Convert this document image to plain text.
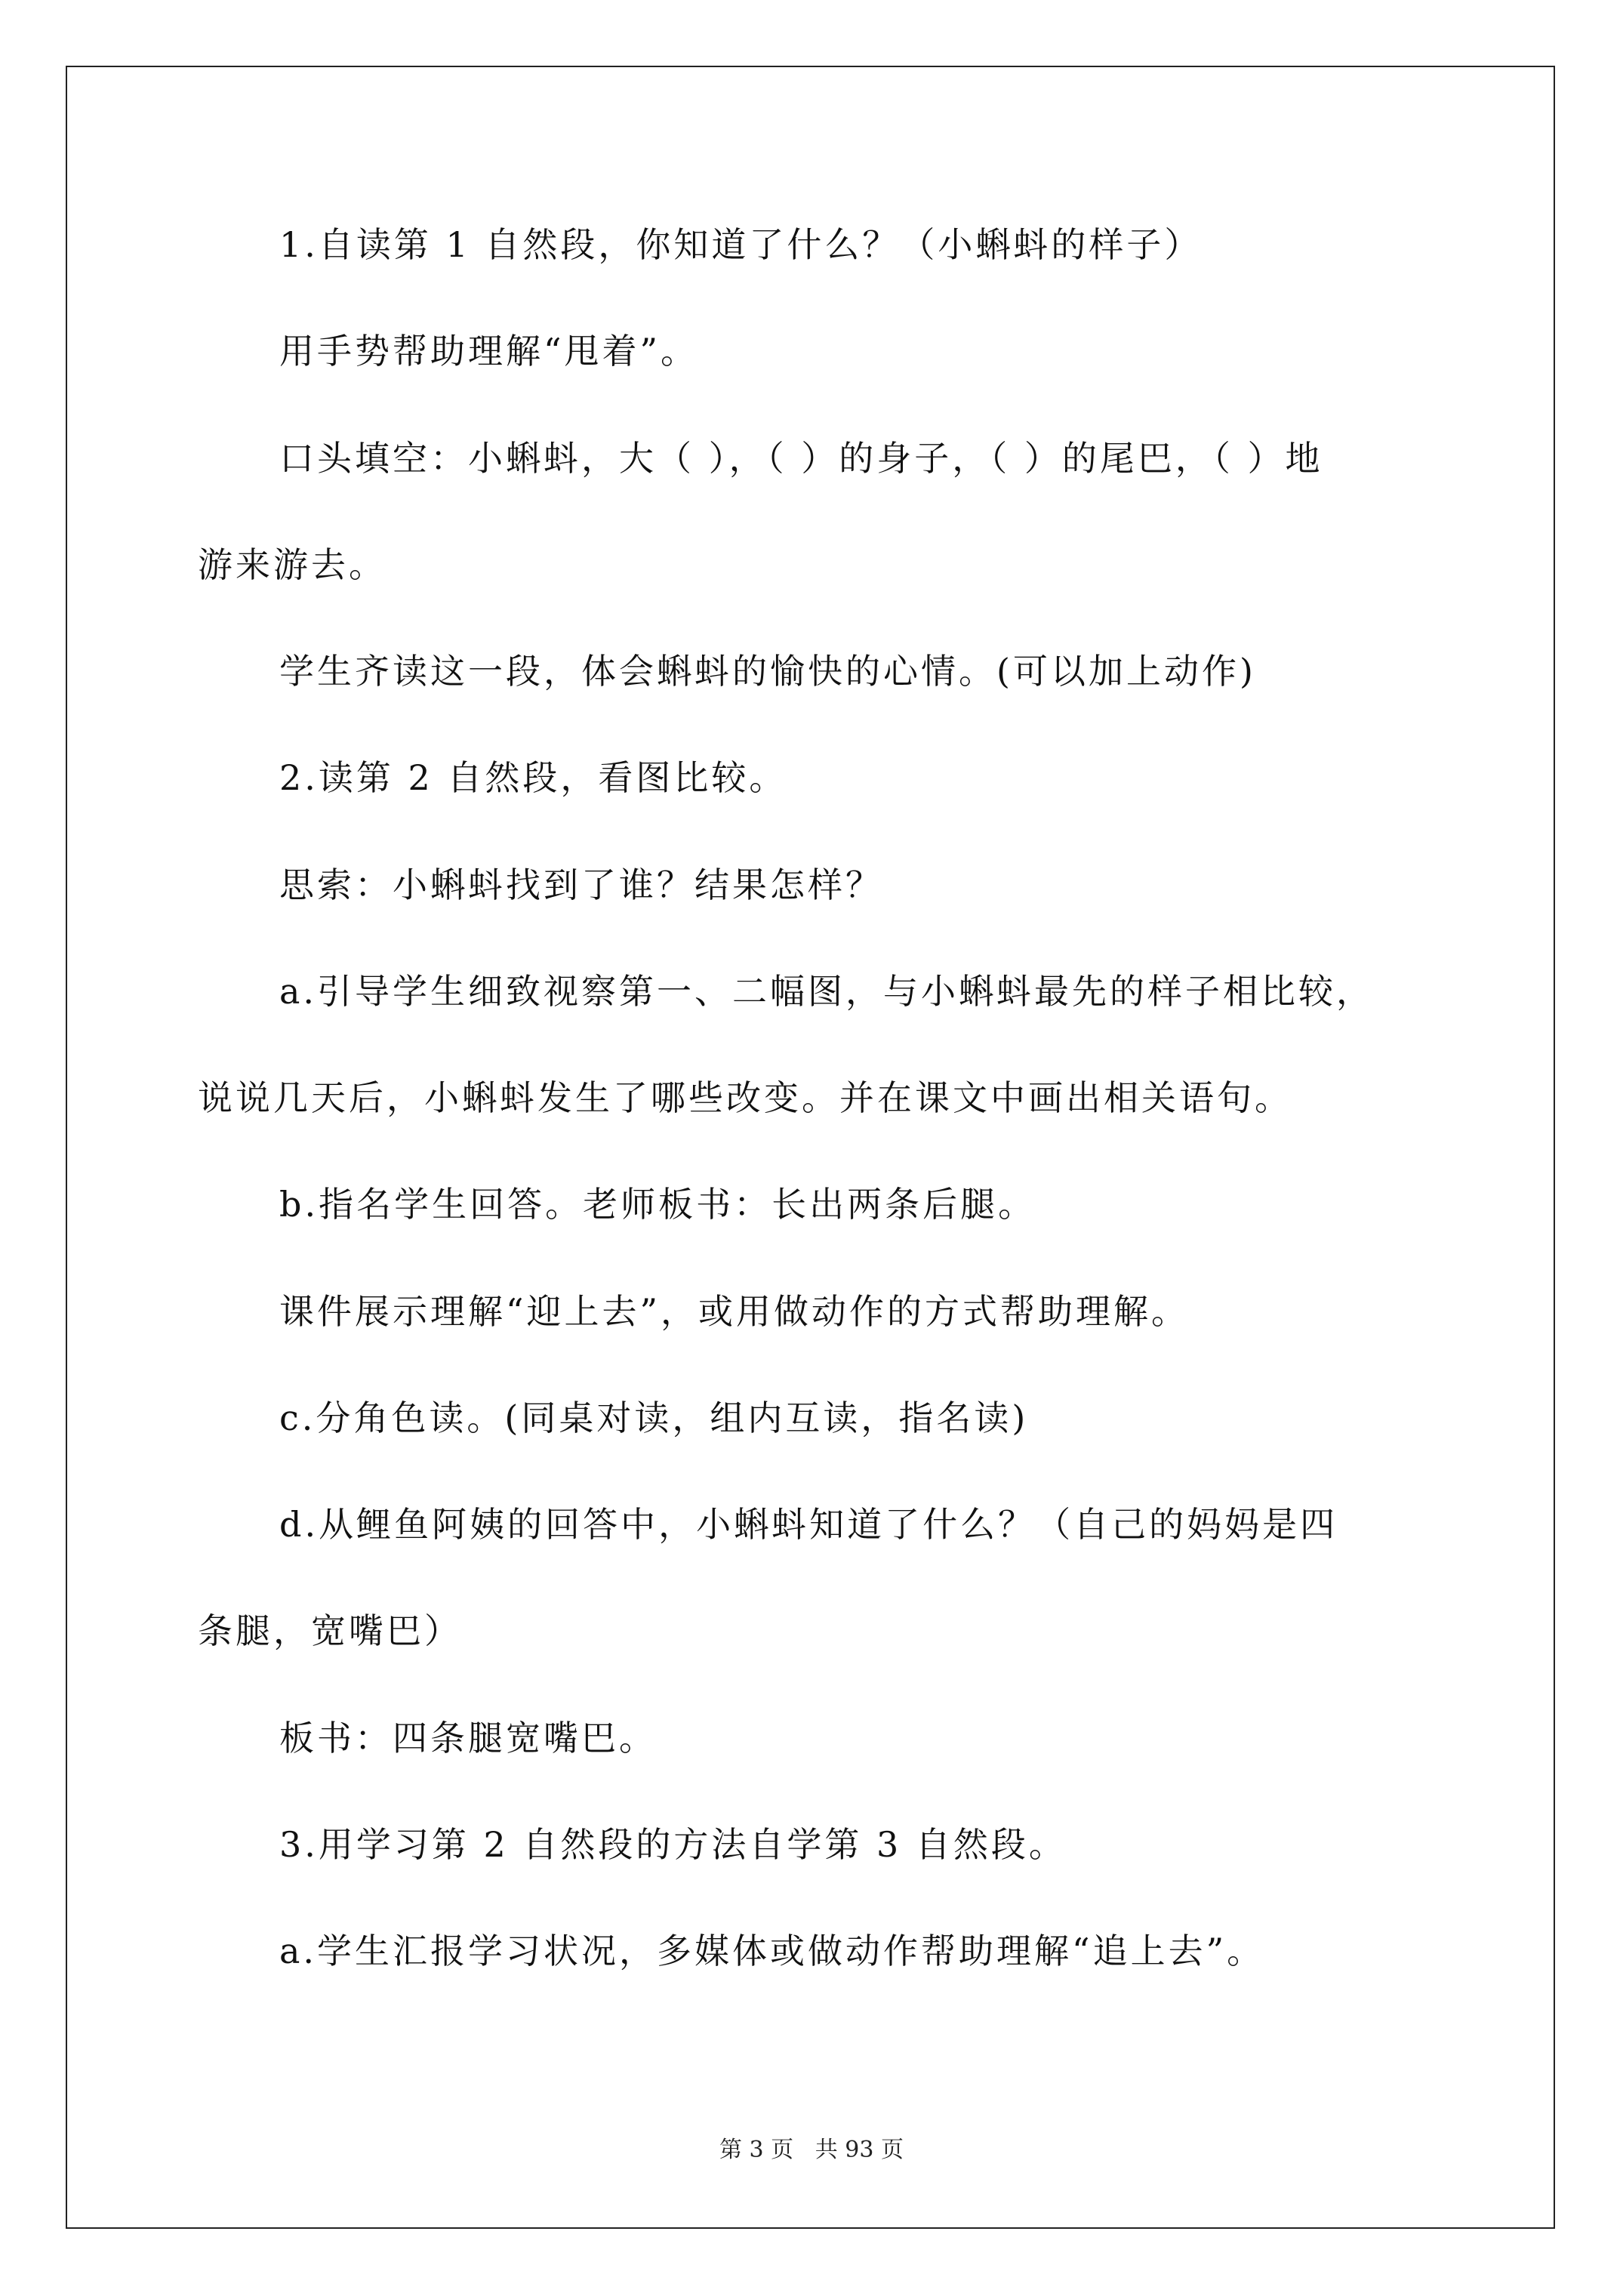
1.自读第 1 自然段，你知道了什么？（小蝌蚪的样子）
用手势帮助理解“甩着”。
口头填空：小蝌蚪，大（ ），（ ）的身子，（ ）的尾巴，（ ）地
游来游去。
学生齐读这一段，体会蝌蚪的愉快的心情。(可以加上动作)
2.读第 2 自然段，看图比较。
思索：小蝌蚪找到了谁？结果怎样？
a.引导学生细致视察第一、二幅图，与小蝌蚪最先的样子相比较，
说说几天后，小蝌蚪发生了哪些改变。并在课文中画出相关语句。
b.指名学生回答。老师板书：长出两条后腿。
课件展示理解“迎上去”，或用做动作的方式帮助理解。
c.分角色读。(同桌对读，组内互读，指名读)
d.从鲤鱼阿姨的回答中，小蝌蚪知道了什么？（自己的妈妈是四
条腿，宽嘴巴）
板书：四条腿宽嘴巴。
3.用学习第 2 自然段的方法自学第 3 自然段。
a.学生汇报学习状况，多媒体或做动作帮助理解“追上去”。
第 3 页   共 93 页
